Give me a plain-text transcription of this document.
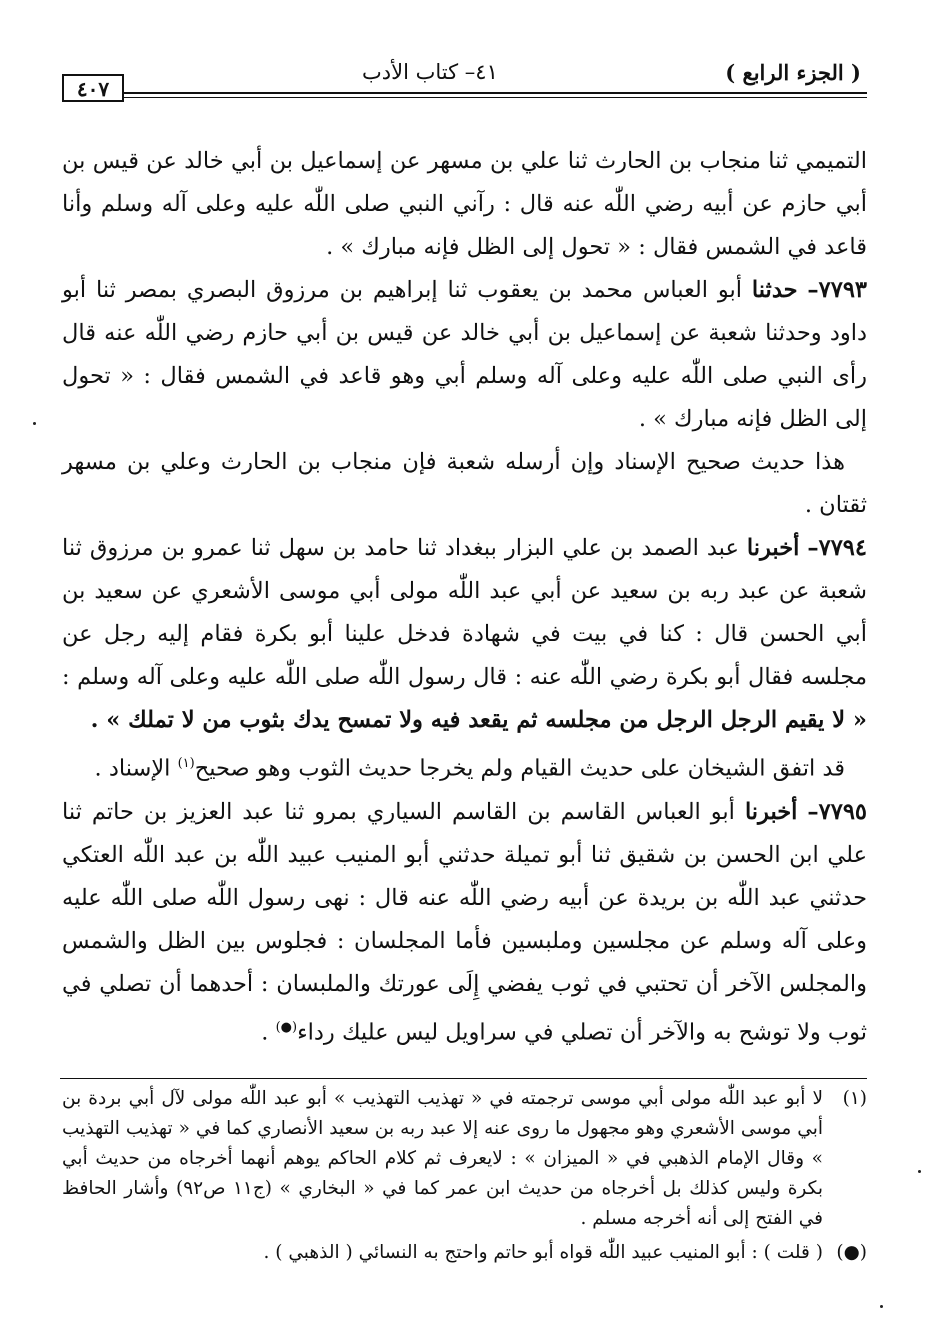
( الجزء الرابع )
٤١– كتاب الأدب
٤٠٧

التميمي ثنا منجاب بن الحارث ثنا علي بن مسهر عن إسماعيل بن أبي خالد عن قيس بن أبي حازم عن أبيه رضي اللّٰه عنه قال : رآني النبي صلى اللّٰه عليه وعلى آله وسلم وأنا قاعد في الشمس فقال : « تحول إلى الظل فإنه مبارك » .

٧٧٩٣– حدثنا أبو العباس محمد بن يعقوب ثنا إبراهيم بن مرزوق البصري بمصر ثنا أبو داود وحدثنا شعبة عن إسماعيل بن أبي خالد عن قيس بن أبي حازم رضي اللّٰه عنه قال رأى النبي صلى اللّٰه عليه وعلى آله وسلم أبي وهو قاعد في الشمس فقال : « تحول إلى الظل فإنه مبارك » .

هذا حديث صحيح الإسناد وإن أرسله شعبة فإن منجاب بن الحارث وعلي بن مسهر ثقتان .

٧٧٩٤– أخبرنا عبد الصمد بن علي البزار ببغداد ثنا حامد بن سهل ثنا عمرو بن مرزوق ثنا شعبة عن عبد ربه بن سعيد عن أبي عبد اللّٰه مولى أبي موسى الأشعري عن سعيد بن أبي الحسن قال : كنا في بيت في شهادة فدخل علينا أبو بكرة فقام إليه رجل عن مجلسه فقال أبو بكرة رضي اللّٰه عنه : قال رسول اللّٰه صلى اللّٰه عليه وعلى آله وسلم : « لا يقيم الرجل الرجل من مجلسه ثم يقعد فيه ولا تمسح يدك بثوب من لا تملك » .

قد اتفق الشيخان على حديث القيام ولم يخرجا حديث الثوب وهو صحيح$^{(١)}$ الإسناد .

٧٧٩٥– أخبرنا أبو العباس القاسم بن القاسم السياري بمرو ثنا عبد العزيز بن حاتم ثنا علي ابن الحسن بن شقيق ثنا أبو تميلة حدثني أبو المنيب عبيد اللّٰه بن عبد اللّٰه العتكي حدثني عبد اللّٰه بن بريدة عن أبيه رضي اللّٰه عنه قال : نهى رسول اللّٰه صلى اللّٰه عليه وعلى آله وسلم عن مجلسين وملبسين فأما المجلسان : فجلوس بين الظل والشمس والمجلس الآخر أن تحتبي في ثوب يفضي إِلَى عورتك والملبسان : أحدهما أن تصلي في ثوب ولا توشح به والآخر أن تصلي في سراويل ليس عليك رداء(●) .

(١)
لا أبو عبد اللّٰه مولى أبي موسى ترجمته في « تهذيب التهذيب » أبو عبد اللّٰه مولى لآل أبي بردة بن أبي موسى الأشعري وهو مجهول ما روى عنه إلا عبد ربه بن سعيد الأنصاري كما في « تهذيب التهذيب » وقال الإمام الذهبي في « الميزان » : لايعرف ثم كلام الحاكم يوهم أنهما أخرجاه من حديث أبي بكرة وليس كذلك بل أخرجاه من حديث ابن عمر كما في « البخاري » (ج١١ ص٩٢) وأشار الحافظ في الفتح إلى أنه أخرجه مسلم .

(●)
( قلت ) : أبو المنيب عبيد اللّٰه قواه أبو حاتم واحتج به النسائي ( الذهبي ) .
